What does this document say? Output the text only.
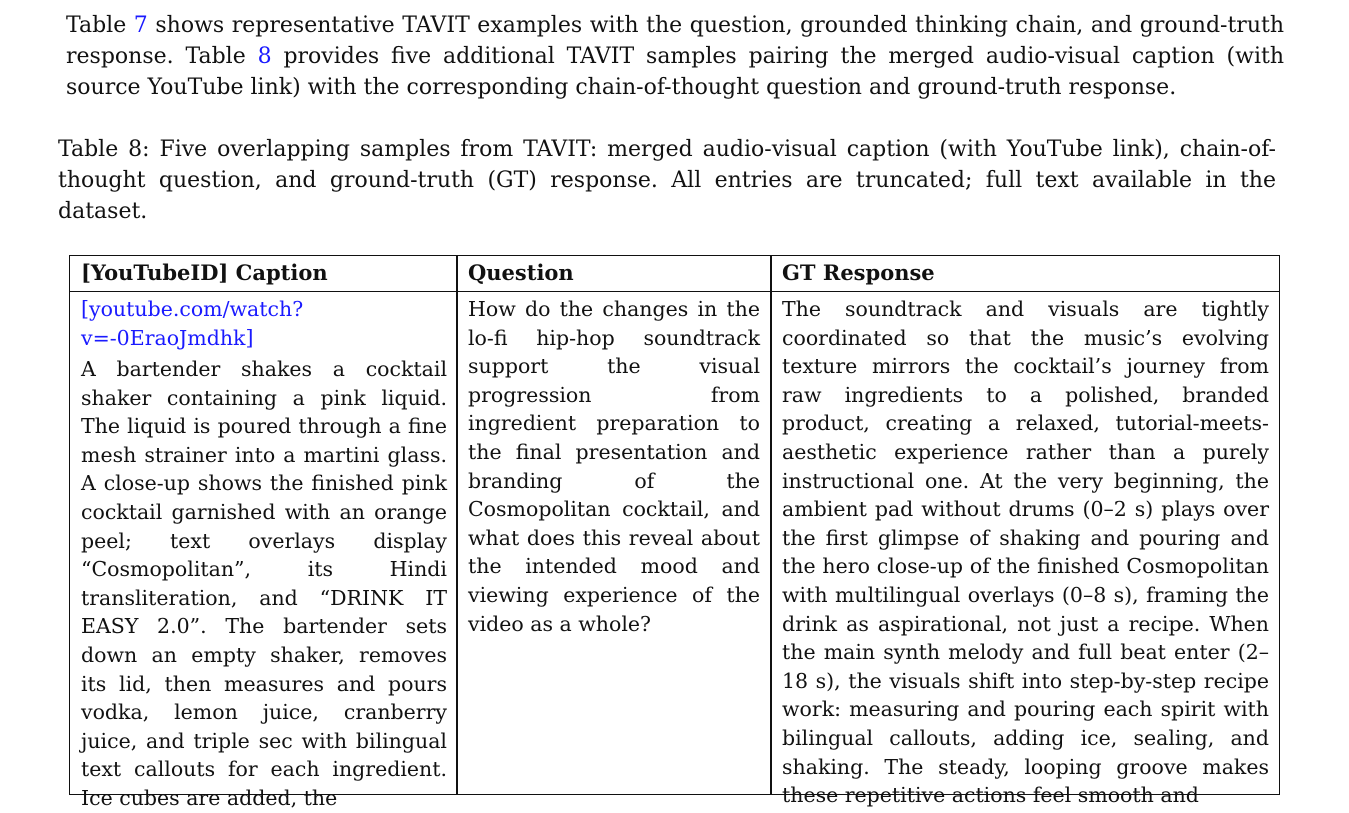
Table 7 shows representative TAVIT examples with the question, grounded thinking chain, and ground-truth response. Table 8 provides five additional TAVIT samples pairing the merged audio-visual caption (with source YouTube link) with the corresponding chain-of-thought question and ground-truth response.
Table 8: Five overlapping samples from TAVIT: merged audio-visual caption (with YouTube link), chain-of-thought question, and ground-truth (GT) response. All entries are truncated; full text available in the dataset.
[YouTubeID] Caption	Question	GT Response
[youtube.com/watch?v=-0EraoJmdhk]
A bartender shakes a cocktail shaker containing a pink liquid. The liquid is poured through a fine mesh strainer into a martini glass. A close-up shows the finished pink cocktail garnished with an orange peel; text overlays display “Cosmopolitan”, its Hindi transliteration, and “DRINK IT EASY 2.0”. The bartender sets down an empty shaker, removes its lid, then measures and pours vodka, lemon juice, cranberry juice, and triple sec with bilingual text callouts for each ingredient. Ice cubes are added, the
How do the changes in the lo-fi hip-hop soundtrack support the visual progression from ingredient preparation to the final presentation and branding of the Cosmopolitan cocktail, and what does this reveal about the intended mood and viewing experience of the video as a whole?
The soundtrack and visuals are tightly coordinated so that the music’s evolving texture mirrors the cocktail’s journey from raw ingredients to a polished, branded product, creating a relaxed, tutorial-meets-aesthetic experience rather than a purely instructional one. At the very beginning, the ambient pad without drums (0–2 s) plays over the first glimpse of shaking and pouring and the hero close-up of the finished Cosmopolitan with multilingual overlays (0–8 s), framing the drink as aspirational, not just a recipe. When the main synth melody and full beat enter (2–18 s), the visuals shift into step-by-step recipe work: measuring and pouring each spirit with bilingual callouts, adding ice, sealing, and shaking. The steady, looping groove makes these repetitive actions feel smooth and
